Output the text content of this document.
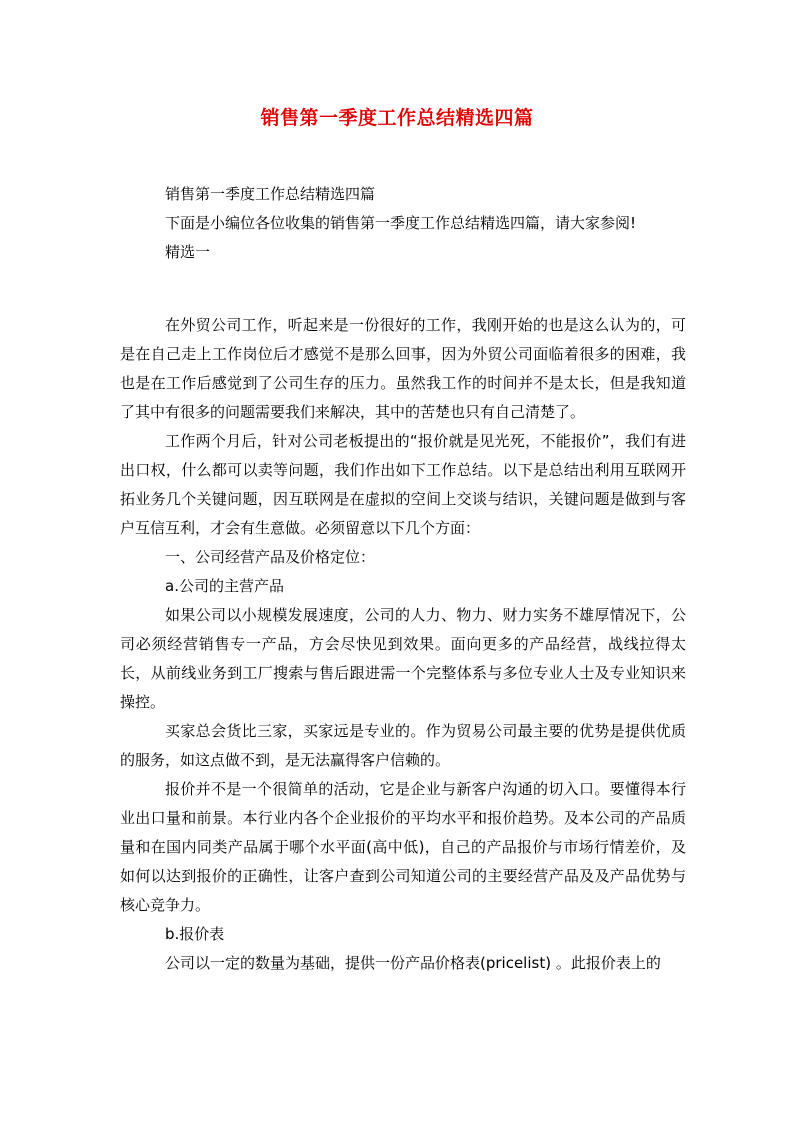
销售第一季度工作总结精选四篇

销售第一季度工作总结精选四篇

下面是小编位各位收集的销售第一季度工作总结精选四篇，请大家参阅!

精选一

在外贸公司工作，听起来是一份很好的工作，我刚开始的也是这么认为的，可是在自己走上工作岗位后才感觉不是那么回事，因为外贸公司面临着很多的困难，我也是在工作后感觉到了公司生存的压力。虽然我工作的时间并不是太长，但是我知道了其中有很多的问题需要我们来解决，其中的苦楚也只有自己清楚了。

工作两个月后，针对公司老板提出的“报价就是见光死，不能报价”，我们有进出口权，什么都可以卖等问题，我们作出如下工作总结。以下是总结出利用互联网开拓业务几个关键问题，因互联网是在虚拟的空间上交谈与结识，关键问题是做到与客户互信互利，才会有生意做。必须留意以下几个方面：

一、公司经营产品及价格定位：

a.公司的主营产品

如果公司以小规模发展速度，公司的人力、物力、财力实务不雄厚情况下，公司必须经营销售专一产品，方会尽快见到效果。面向更多的产品经营，战线拉得太长，从前线业务到工厂搜索与售后跟进需一个完整体系与多位专业人士及专业知识来操控。

买家总会货比三家，买家远是专业的。作为贸易公司最主要的优势是提供优质的服务，如这点做不到，是无法赢得客户信赖的。

报价并不是一个很简单的活动，它是企业与新客户沟通的切入口。要懂得本行业出口量和前景。本行业内各个企业报价的平均水平和报价趋势。及本公司的产品质量和在国内同类产品属于哪个水平面(高中低)，自己的产品报价与市场行情差价，及如何以达到报价的正确性，让客户查到公司知道公司的主要经营产品及及产品优势与核心竞争力。

b.报价表

公司以一定的数量为基础，提供一份产品价格表(pricelist) 。此报价表上的
